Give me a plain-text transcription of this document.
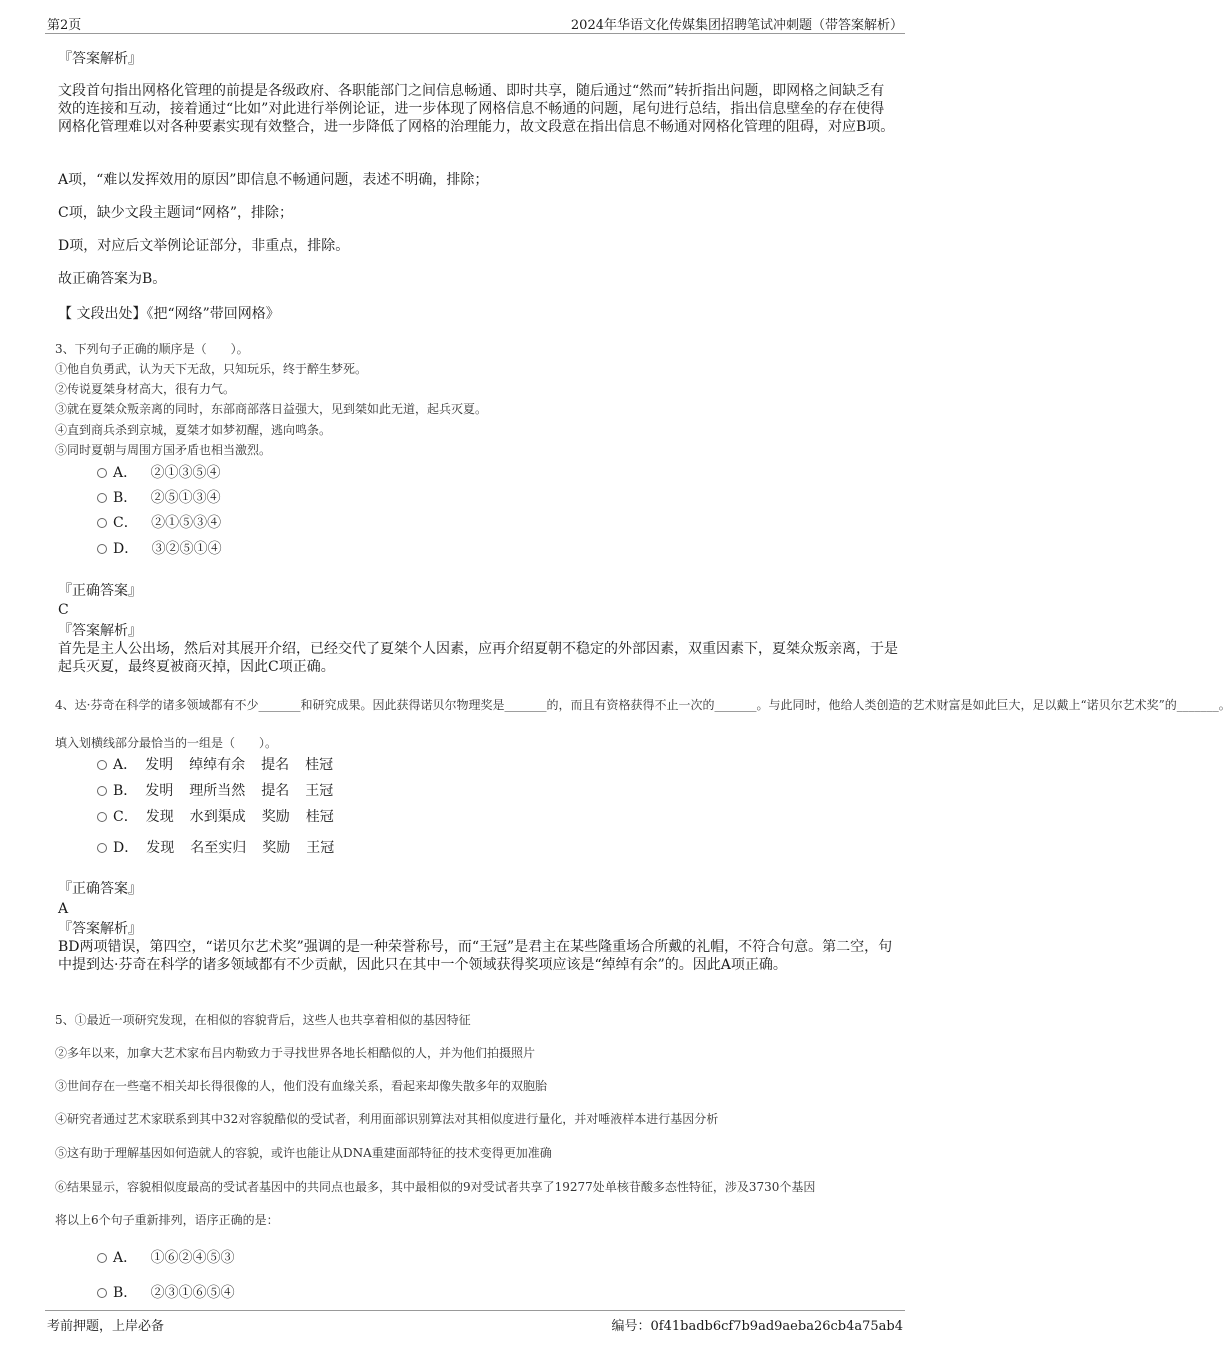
第2页	2024年华语文化传媒集团招聘笔试冲刺题（带答案解析）
『答案解析』
文段首句指出网格化管理的前提是各级政府、各职能部门之间信息畅通、即时共享，随后通过“然而”转折指出问题，即网格之间缺乏有效的连接和互动，接着通过“比如”对此进行举例论证，进一步体现了网格信息不畅通的问题，尾句进行总结，指出信息壁垒的存在使得网格化管理难以对各种要素实现有效整合，进一步降低了网格的治理能力，故文段意在指出信息不畅通对网格化管理的阻碍，对应B项。
A项，“难以发挥效用的原因”即信息不畅通问题，表述不明确，排除；
C项，缺少文段主题词“网格”，排除；
D项，对应后文举例论证部分，非重点，排除。
故正确答案为B。
【 文段出处】《把“网络”带回网格》
3、下列句子正确的顺序是（　　）。
①他自负勇武，认为天下无敌，只知玩乐，终于醉生梦死。
②传说夏桀身材高大，很有力气。
③就在夏桀众叛亲离的同时，东部商部落日益强大，见到桀如此无道，起兵灭夏。
④直到商兵杀到京城，夏桀才如梦初醒，逃向鸣条。
⑤同时夏朝与周围方国矛盾也相当激烈。
A． ②①③⑤④
B． ②⑤①③④
C． ②①⑤③④
D． ③②⑤①④
『正确答案』
C
『答案解析』
首先是主人公出场，然后对其展开介绍，已经交代了夏桀个人因素，应再介绍夏朝不稳定的外部因素，双重因素下，夏桀众叛亲离，于是起兵灭夏，最终夏被商灭掉，因此C项正确。
4、达·芬奇在科学的诸多领域都有不少_______和研究成果。因此获得诺贝尔物理奖是_______的，而且有资格获得不止一次的_______。与此同时，他给人类创造的艺术财富是如此巨大，足以戴上“诺贝尔艺术奖”的_______。
填入划横线部分最恰当的一组是（　　）。
A． 发明 绰绰有余 提名 桂冠
B． 发明 理所当然 提名 王冠
C． 发现 水到渠成 奖励 桂冠
D． 发现 名至实归 奖励 王冠
『正确答案』
A
『答案解析』
BD两项错误，第四空，“诺贝尔艺术奖”强调的是一种荣誉称号，而“王冠”是君主在某些隆重场合所戴的礼帽，不符合句意。第二空，句中提到达·芬奇在科学的诸多领域都有不少贡献，因此只在其中一个领域获得奖项应该是“绰绰有余”的。因此A项正确。
5、①最近一项研究发现，在相似的容貌背后，这些人也共享着相似的基因特征
②多年以来，加拿大艺术家布吕内勒致力于寻找世界各地长相酷似的人，并为他们拍摄照片
③世间存在一些毫不相关却长得很像的人，他们没有血缘关系，看起来却像失散多年的双胞胎
④研究者通过艺术家联系到其中32对容貌酷似的受试者，利用面部识别算法对其相似度进行量化，并对唾液样本进行基因分析
⑤这有助于理解基因如何造就人的容貌，或许也能让从DNA重建面部特征的技术变得更加准确
⑥结果显示，容貌相似度最高的受试者基因中的共同点也最多，其中最相似的9对受试者共享了19277处单核苷酸多态性特征，涉及3730个基因
将以上6个句子重新排列，语序正确的是：
A． ①⑥②④⑤③
B． ②③①⑥⑤④
考前押题，上岸必备	编号：0f41badb6cf7b9ad9aeba26cb4a75ab4
